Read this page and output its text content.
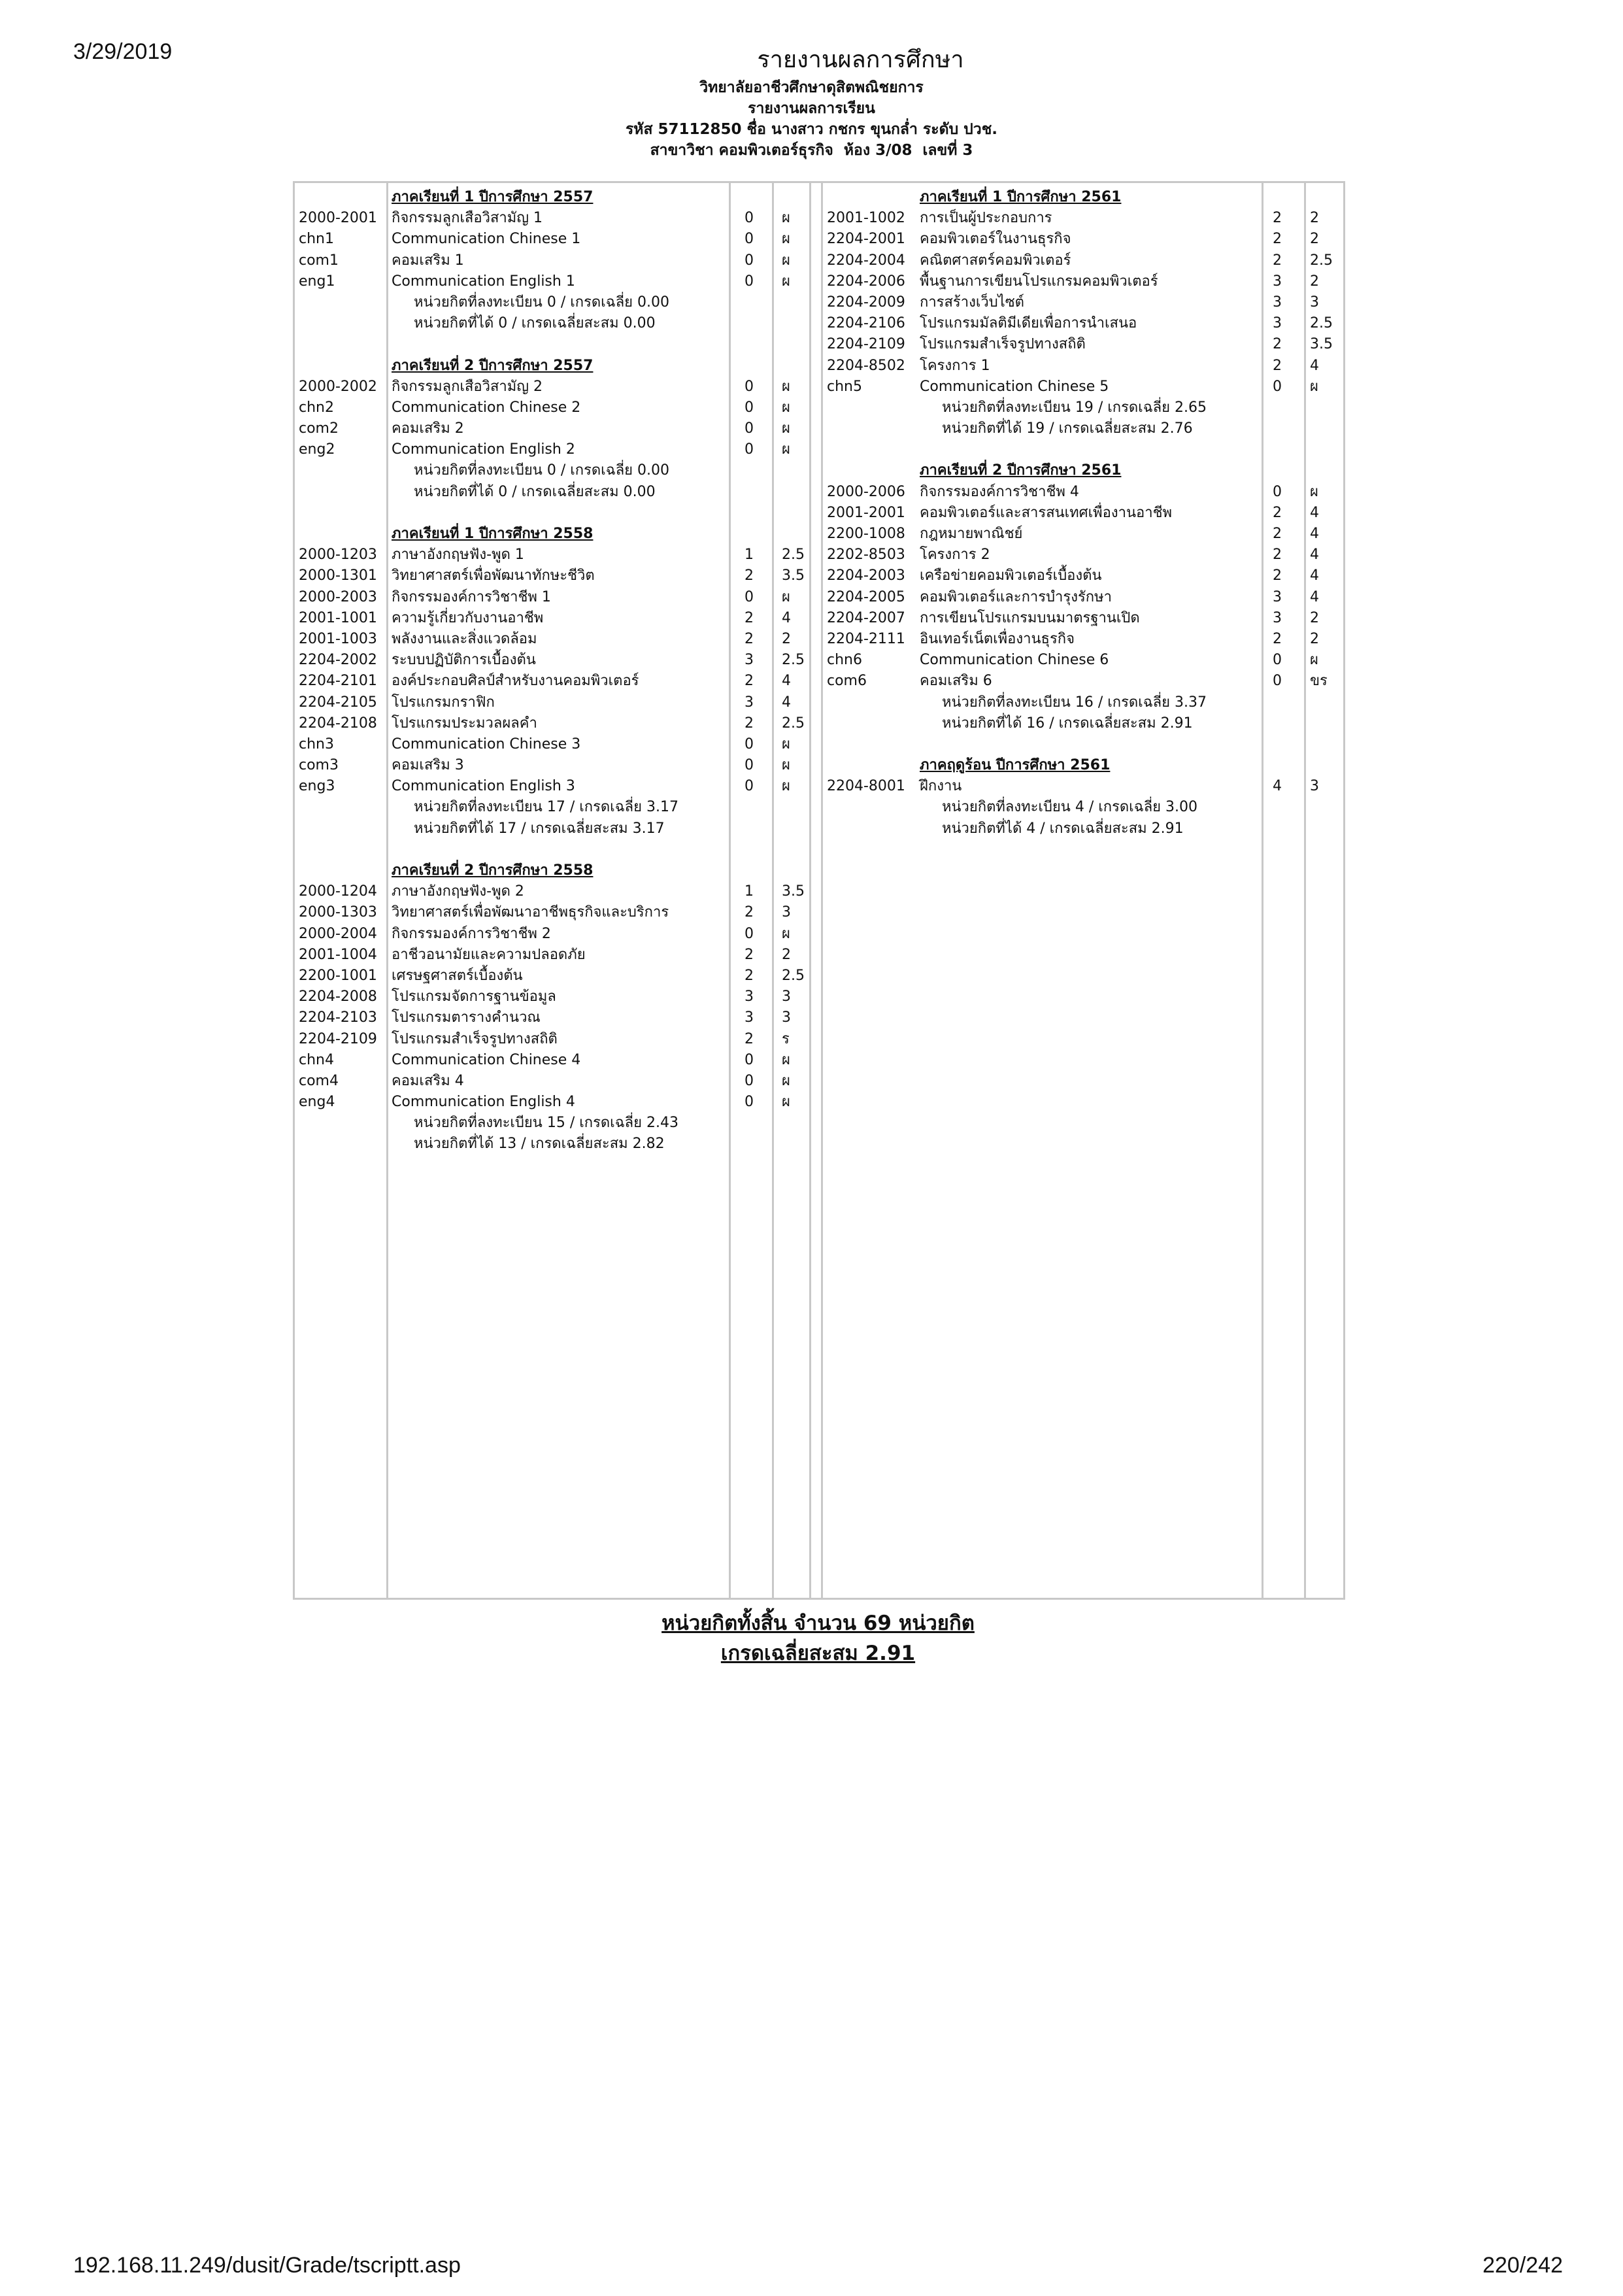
3/29/2019	รายงานผลการศึกษา
วิทยาลัยอาชีวศึกษาดุสิตพณิชยการ
รายงานผลการเรียน
รหัส 57112850 ชื่อ นางสาว กชกร ขุนกล่ำ ระดับ ปวช.
สาขาวิชา คอมพิวเตอร์ธุรกิจ  ห้อง 3/08  เลขที่ 3
ภาคเรียนที่ 1 ปีการศึกษา 2557
2000-2001 กิจกรรมลูกเสือวิสามัญ 1	0 ผ
chn1	Communication Chinese 1	0 ผ
com1	คอมเสริม 1	0 ผ
eng1	Communication English 1	0 ผ
หน่วยกิตที่ลงทะเบียน 0 / เกรดเฉลี่ย 0.00
หน่วยกิตที่ได้ 0 / เกรดเฉลี่ยสะสม 0.00
ภาคเรียนที่ 2 ปีการศึกษา 2557
2000-2002 กิจกรรมลูกเสือวิสามัญ 2	0 ผ
chn2	Communication Chinese 2	0 ผ
com2	คอมเสริม 2	0 ผ
eng2	Communication English 2	0 ผ
หน่วยกิตที่ลงทะเบียน 0 / เกรดเฉลี่ย 0.00
หน่วยกิตที่ได้ 0 / เกรดเฉลี่ยสะสม 0.00
ภาคเรียนที่ 1 ปีการศึกษา 2558
2000-1203 ภาษาอังกฤษฟัง-พูด 1	1 2.5
2000-1301 วิทยาศาสตร์เพื่อพัฒนาทักษะชีวิต	2 3.5
2000-2003 กิจกรรมองค์การวิชาชีพ 1	0 ผ
2001-1001 ความรู้เกี่ยวกับงานอาชีพ	2 4
2001-1003 พลังงานและสิ่งแวดล้อม	2 2
2204-2002 ระบบปฏิบัติการเบื้องต้น	3 2.5
2204-2101 องค์ประกอบศิลป์สำหรับงานคอมพิวเตอร์	2 4
2204-2105 โปรแกรมกราฟิก	3 4
2204-2108 โปรแกรมประมวลผลคำ	2 2.5
chn3	Communication Chinese 3	0 ผ
com3	คอมเสริม 3	0 ผ
eng3	Communication English 3	0 ผ
หน่วยกิตที่ลงทะเบียน 17 / เกรดเฉลี่ย 3.17
หน่วยกิตที่ได้ 17 / เกรดเฉลี่ยสะสม 3.17
ภาคเรียนที่ 2 ปีการศึกษา 2558
2000-1204 ภาษาอังกฤษฟัง-พูด 2	1 3.5
2000-1303 วิทยาศาสตร์เพื่อพัฒนาอาชีพธุรกิจและบริการ	2 3
2000-2004 กิจกรรมองค์การวิชาชีพ 2	0 ผ
2001-1004 อาชีวอนามัยและความปลอดภัย	2 2
2200-1001 เศรษฐศาสตร์เบื้องต้น	2 2.5
2204-2008 โปรแกรมจัดการฐานข้อมูล	3 3
2204-2103 โปรแกรมตารางคำนวณ	3 3
2204-2109 โปรแกรมสำเร็จรูปทางสถิติ	2 ร
chn4	Communication Chinese 4	0 ผ
com4	คอมเสริม 4	0 ผ
eng4	Communication English 4	0 ผ
หน่วยกิตที่ลงทะเบียน 15 / เกรดเฉลี่ย 2.43
หน่วยกิตที่ได้ 13 / เกรดเฉลี่ยสะสม 2.82
ภาคเรียนที่ 1 ปีการศึกษา 2561
2001-1002 การเป็นผู้ประกอบการ	2 2
2204-2001 คอมพิวเตอร์ในงานธุรกิจ	2 2
2204-2004 คณิตศาสตร์คอมพิวเตอร์	2 2.5
2204-2006 พื้นฐานการเขียนโปรแกรมคอมพิวเตอร์	3 2
2204-2009 การสร้างเว็บไซต์	3 3
2204-2106 โปรแกรมมัลติมีเดียเพื่อการนำเสนอ	3 2.5
2204-2109 โปรแกรมสำเร็จรูปทางสถิติ	2 3.5
2204-8502 โครงการ 1	2 4
chn5	Communication Chinese 5	0 ผ
หน่วยกิตที่ลงทะเบียน 19 / เกรดเฉลี่ย 2.65
หน่วยกิตที่ได้ 19 / เกรดเฉลี่ยสะสม 2.76
ภาคเรียนที่ 2 ปีการศึกษา 2561
2000-2006 กิจกรรมองค์การวิชาชีพ 4	0 ผ
2001-2001 คอมพิวเตอร์และสารสนเทศเพื่องานอาชีพ	2 4
2200-1008 กฎหมายพาณิชย์	2 4
2202-8503 โครงการ 2	2 4
2204-2003 เครือข่ายคอมพิวเตอร์เบื้องต้น	2 4
2204-2005 คอมพิวเตอร์และการบำรุงรักษา	3 4
2204-2007 การเขียนโปรแกรมบนมาตรฐานเปิด	3 2
2204-2111 อินเทอร์เน็ตเพื่องานธุรกิจ	2 2
chn6	Communication Chinese 6	0 ผ
com6	คอมเสริม 6	0 ขร
หน่วยกิตที่ลงทะเบียน 16 / เกรดเฉลี่ย 3.37
หน่วยกิตที่ได้ 16 / เกรดเฉลี่ยสะสม 2.91
ภาคฤดูร้อน ปีการศึกษา 2561
2204-8001 ฝึกงาน	4 3
หน่วยกิตที่ลงทะเบียน 4 / เกรดเฉลี่ย 3.00
หน่วยกิตที่ได้ 4 / เกรดเฉลี่ยสะสม 2.91
หน่วยกิตทั้งสิ้น จำนวน 69 หน่วยกิต
เกรดเฉลี่ยสะสม 2.91
192.168.11.249/dusit/Grade/tscriptt.asp	220/242
